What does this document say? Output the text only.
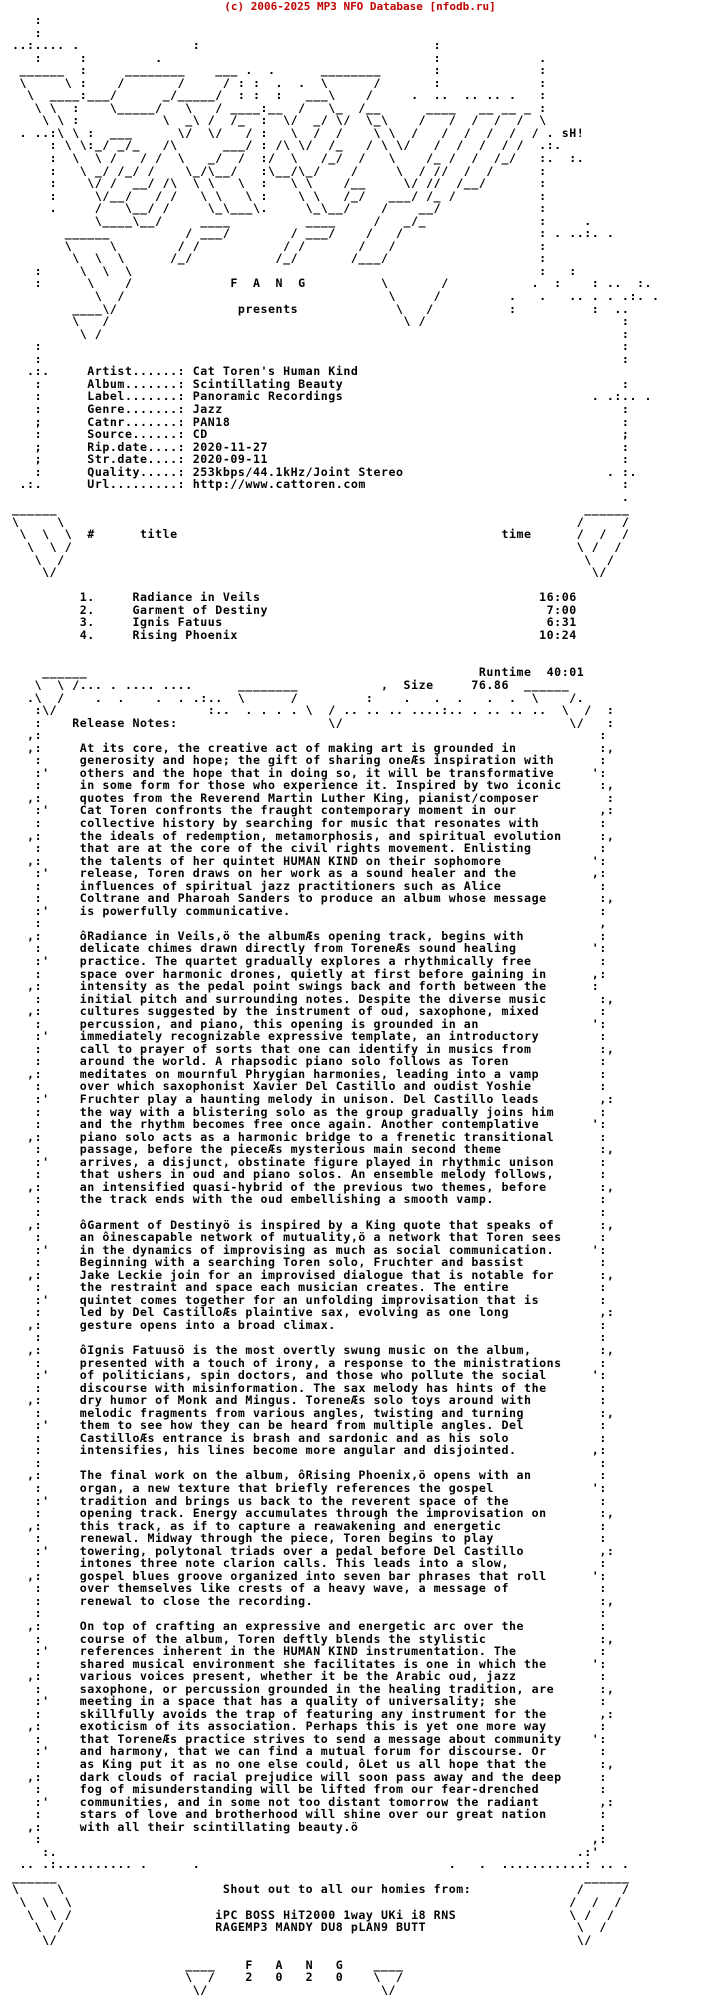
(c) 2006-2025 MP3 NFO Database [nfodb.ru]
:
:
..:.... .               :                               :
:     :         .                                    :             .
______  :     ________    ___ .  .      ________       :             :
\     \ :    /       /     / : :  .  .  \      /       :             :
\  ____:___/      _/_____/  : :  :   ___\    /     .  ..  .. .. .   :
\ \  :    \_____/   \   / ____:__  /   \_  /__      ____   __ __ _ :
\ \ :           \  _\ /  /_  :  \/  _/ \/  \_\    /   /  /  /  /  \
. ..:\ \ :  ___      \/  \/   / :   \  /  /    \ \  /   /  /  /  /  / . sH!
: \ \:_/ _/_   /\      ___/ : /\ \/  /_   / \ \/   /  /  /  / /  .:.
:  \  \ /   / /  \   _/  /  :/  \   /_/  /   \    /_ /  /  /_/   :.  :.
:   \ _/ /_/ /    \_/\__/   :\__/\_/    /     \  / //  /  /      :
:    \/ /  __/ /\  \ \   \  :   \ \    /__     \/ //  /__/       :
:     \/__/   / /   \ \   \ :    \ \   /_/   ___/ /_ /           :
.     /   \__/ /     \_\___\.     \_\__/    /    __/             :
\____\__/     ____          ____     /   _/_               :     .
______          / ___/        / ___/    /   /                  : . ..:. .
\     \        / /           / /       /   /                   :
\  \  \      /_/           /_/       /___/                    :
:     \  \  \                                                      :   :
:      \    /             F  A  N  G          \       /           .  :    : ..  :.
\  /                                   \     /         .   .   .. . . .:. .
____\/                presents             \   /          :          :  ..
\   /                                       \ /                          :
\ /                                                                     :
:                                                                             :
:                                                                             :
.:.     Artist......: Cat Toren's Human Kind
:      Album.......: Scintillating Beauty                                     :
:      Label.......: Panoramic Recordings                                 . .:.. .
:      Genre.......: Jazz                                                     :
;      Catnr.......: PAN18                                                    :
:      Source......: CD                                                       ;
;      Rip.date....: 2020-11-27                                               :
;      Str.date....: 2020-09-11                                               :
:      Quality.....: 253kbps/44.1kHz/Joint Stereo                           . :.
.:.      Url.........: http://www.cattoren.com                                  :
.
______                                                                      ______
\     \                                                                    /     /
\  \  \  #      title                                           time      /  /  /
\  \ /                                                                   \ /  /
\  /                                                                     \  /
\/                                                                       \/

1.     Radiance in Veils                                     16:06
2.     Garment of Destiny                                     7:00
3.     Ignis Fatuus                                           6:31
4.     Rising Phoenix                                        10:24

______                                                    Runtime  40:01
\  \ /... . .... ....      ________           ,  Size     76.86  ______
.\  /    .  .    .  . .:..  \      /         :    .   .  .   .  .  \    /.
:\/                    :..  . . . . \  / .. .. .. ....:.. . .. .. ..  \  /  :
:    Release Notes:                    \/                              \/   :
,:                                                                          :
,:     At its core, the creative act of making art is grounded in           :,
:     generosity and hope; the gift of sharing oneÆs inspiration with      :
:'    others and the hope that in doing so, it will be transformative     ':
:     in some form for those who experience it. Inspired by two iconic     :,
,:     quotes from the Reverend Martin Luther King, pianist/composer         :
:'    Cat Toren confronts the fraught contemporary moment in our           ,:
:     collective history by searching for music that resonates with        :
,:     the ideals of redemption, metamorphosis, and spiritual evolution     :,
:     that are at the core of the civil rights movement. Enlisting         :
,:     the talents of her quintet HUMAN KIND on their sophomore            ':
:'    release, Toren draws on her work as a sound healer and the          ,:
:     influences of spiritual jazz practitioners such as Alice             :
:     Coltrane and Pharoah Sanders to produce an album whose message       :,
:'    is powerfully communicative.                                         :
:                                                                          ,
,:     ôRadiance in Veils,ö the albumÆs opening track, begins with          :
:     delicate chimes drawn directly from ToreneÆs sound healing          ':
:'    practice. The quartet gradually explores a rhythmically free         :
:     space over harmonic drones, quietly at first before gaining in      ,:
,:     intensity as the pedal point swings back and forth between the      :
:     initial pitch and surrounding notes. Despite the diverse music       :,
,:     cultures suggested by the instrument of oud, saxophone, mixed        :
:     percussion, and piano, this opening is grounded in an               ':
:'    immediately recognizable expressive template, an introductory        :
:     call to prayer of sorts that one can identify in musics from         :,
:     around the world. A rhapsodic piano solo follows as Toren            :
,:     meditates on mournful Phrygian harmonies, leading into a vamp        :
:     over which saxophonist Xavier Del Castillo and oudist Yoshie         :
:'    Fruchter play a haunting melody in unison. Del Castillo leads        ,:
:     the way with a blistering solo as the group gradually joins him      :
:     and the rhythm becomes free once again. Another contemplative       ':
,:     piano solo acts as a harmonic bridge to a frenetic transitional      :
:     passage, before the pieceÆs mysterious main second theme             :,
:'    arrives, a disjunct, obstinate figure played in rhythmic unison      :
:     that ushers in oud and piano solos. An ensemble melody follows,      :
,:     an intensified quasi-hybrid of the previous two themes, before       :,
:     the track ends with the oud embellishing a smooth vamp.              :
:                                                                          :
,:     ôGarment of Destinyö is inspired by a King quote that speaks of      :,
:     an ôinescapable network of mutuality,ö a network that Toren sees     :
:'    in the dynamics of improvising as much as social communication.     ':
:     Beginning with a searching Toren solo, Fruchter and bassist          :
,:     Jake Leckie join for an improvised dialogue that is notable for      :,
:     the restraint and space each musician creates. The entire            :
:'    quintet comes together for an unfolding improvisation that is        :
:     led by Del CastilloÆs plaintive sax, evolving as one long            ,:
,:     gesture opens into a broad climax.                                   :
:                                                                          :
,:     ôIgnis Fatuusö is the most overtly swung music on the album,         :,
:     presented with a touch of irony, a response to the ministrations     :
:'    of politicians, spin doctors, and those who pollute the social      ':
:     discourse with misinformation. The sax melody has hints of the       :
,:     dry humor of Monk and Mingus. ToreneÆs solo toys around with         :
:     melodic fragments from various angles, twisting and turning          :,
:'    them to see how they can be heard from multiple angles. Del          :
:     CastilloÆs entrance is brash and sardonic and as his solo            :
:     intensifies, his lines become more angular and disjointed.          ,:
:                                                                          :
,:     The final work on the album, ôRising Phoenix,ö opens with an         :
:     organ, a new texture that briefly references the gospel             ':
:'    tradition and brings us back to the reverent space of the            :
:     opening track. Energy accumulates through the improvisation on       :,
,:     this track, as if to capture a reawakening and energetic             :
:     renewal. Midway through the piece, Toren begins to play              :
:'    towering, polytonal triads over a pedal before Del Castillo          ,:
:     intones three note clarion calls. This leads into a slow,            :
,:     gospel blues groove organized into seven bar phrases that roll      ':
:     over themselves like crests of a heavy wave, a message of            :
:     renewal to close the recording.                                      :,
:                                                                          :
,:     On top of crafting an expressive and energetic arc over the          :
:     course of the album, Toren deftly blends the stylistic               :,
:'    references inherent in the HUMAN KIND instrumentation. The           :
:     shared musical environment she facilitates is one in which the      ':
,:     various voices present, whether it be the Arabic oud, jazz           :
:     saxophone, or percussion grounded in the healing tradition, are      :,
:'    meeting in a space that has a quality of universality; she           :
:     skillfully avoids the trap of featuring any instrument for the       ,:
,:     exoticism of its association. Perhaps this is yet one more way       :
:     that ToreneÆs practice strives to send a message about community    ':
:'    and harmony, that we can find a mutual forum for discourse. Or       :
:     as King put it as no one else could, ôLet us all hope that the       :,
,:     dark clouds of racial prejudice will soon pass away and the deep     :
:     fog of misunderstanding will be lifted from our fear-drenched        :
:'    communities, and in some not too distant tomorrow the radiant        ,:
:     stars of love and brotherhood will shine over our great nation       :
,:     with all their scintillating beauty.ö                                :
:                                                                         ,:
:.                                                                     .:'
.. .:.......... .      .                                 .   .  ...........: .. .
______                                                                      ______
\     \                     Shout out to all our homies from:              /     /
\  \  \                                                                  /  /  /
\  \ /                   iPC BOSS HiT2000 1way UKi i8 RNS               \ /  /
\  /                    RAGEMP3 MANDY DU8 pLAN9 BUTT                    \  /
\/                                                                     \/

____    F   A   N   G    ____
\  /    2   0   2   0    \  /
\/                       \/
